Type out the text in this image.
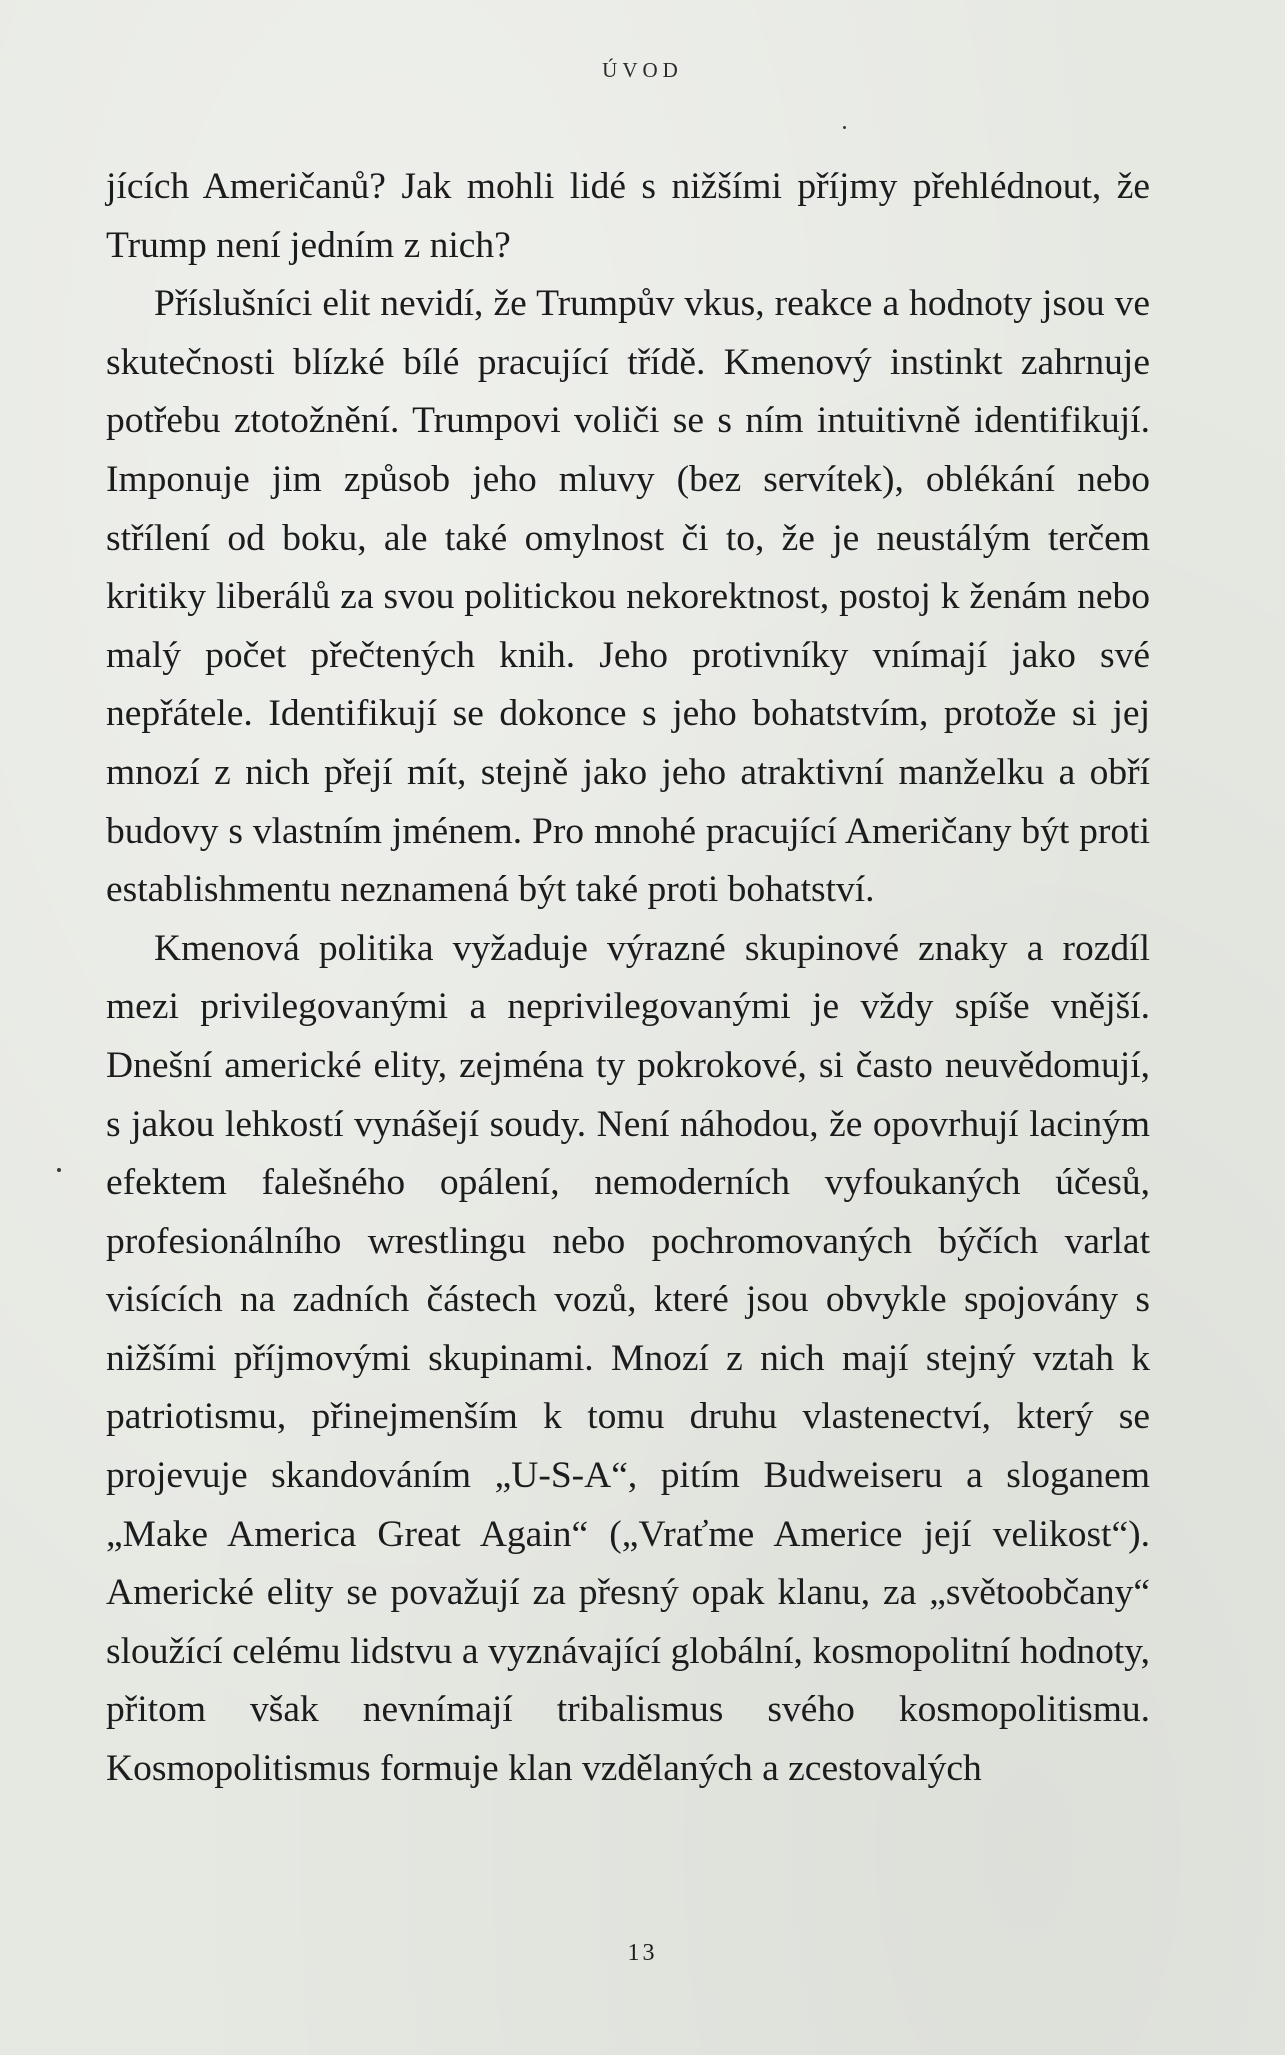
ÚVOD

jících Američanů? Jak mohli lidé s nižšími příjmy přehlédnout, že Trump není jedním z nich?

Příslušníci elit nevidí, že Trumpův vkus, reakce a hodnoty jsou ve skutečnosti blízké bílé pracující třídě. Kmenový instinkt zahrnuje potřebu ztotožnění. Trumpovi voliči se s ním intuitivně identifikují. Imponuje jim způsob jeho mluvy (bez servítek), oblékání nebo střílení od boku, ale také omylnost či to, že je neustálým terčem kritiky liberálů za svou politickou nekorektnost, postoj k ženám nebo malý počet přečtených knih. Jeho protivníky vnímají jako své nepřátele. Identifikují se dokonce s jeho bohatstvím, protože si jej mnozí z nich přejí mít, stejně jako jeho atraktivní manželku a obří budovy s vlastním jménem. Pro mnohé pracující Američany být proti establishmentu neznamená být také proti bohatství.

Kmenová politika vyžaduje výrazné skupinové znaky a rozdíl mezi privilegovanými a neprivilegovanými je vždy spíše vnější. Dnešní americké elity, zejména ty pokrokové, si často neuvědomují, s jakou lehkostí vynášejí soudy. Není náhodou, že opovrhují laciným efektem falešného opálení, nemoderních vyfoukaných účesů, profesionálního wrestlingu nebo pochromovaných býčích varlat visících na zadních částech vozů, které jsou obvykle spojovány s nižšími příjmovými skupinami. Mnozí z nich mají stejný vztah k patriotismu, přinejmenším k tomu druhu vlastenectví, který se projevuje skandováním „U-S-A“, pitím Budweiseru a sloganem „Make America Great Again“ („Vraťme Americe její velikost“). Americké elity se považují za přesný opak klanu, za „světoobčany“ sloužící celému lidstvu a vyznávající globální, kosmopolitní hodnoty, přitom však nevnímají tribalismus svého kosmopolitismu. Kosmopolitismus formuje klan vzdělaných a zcestovalých

13
